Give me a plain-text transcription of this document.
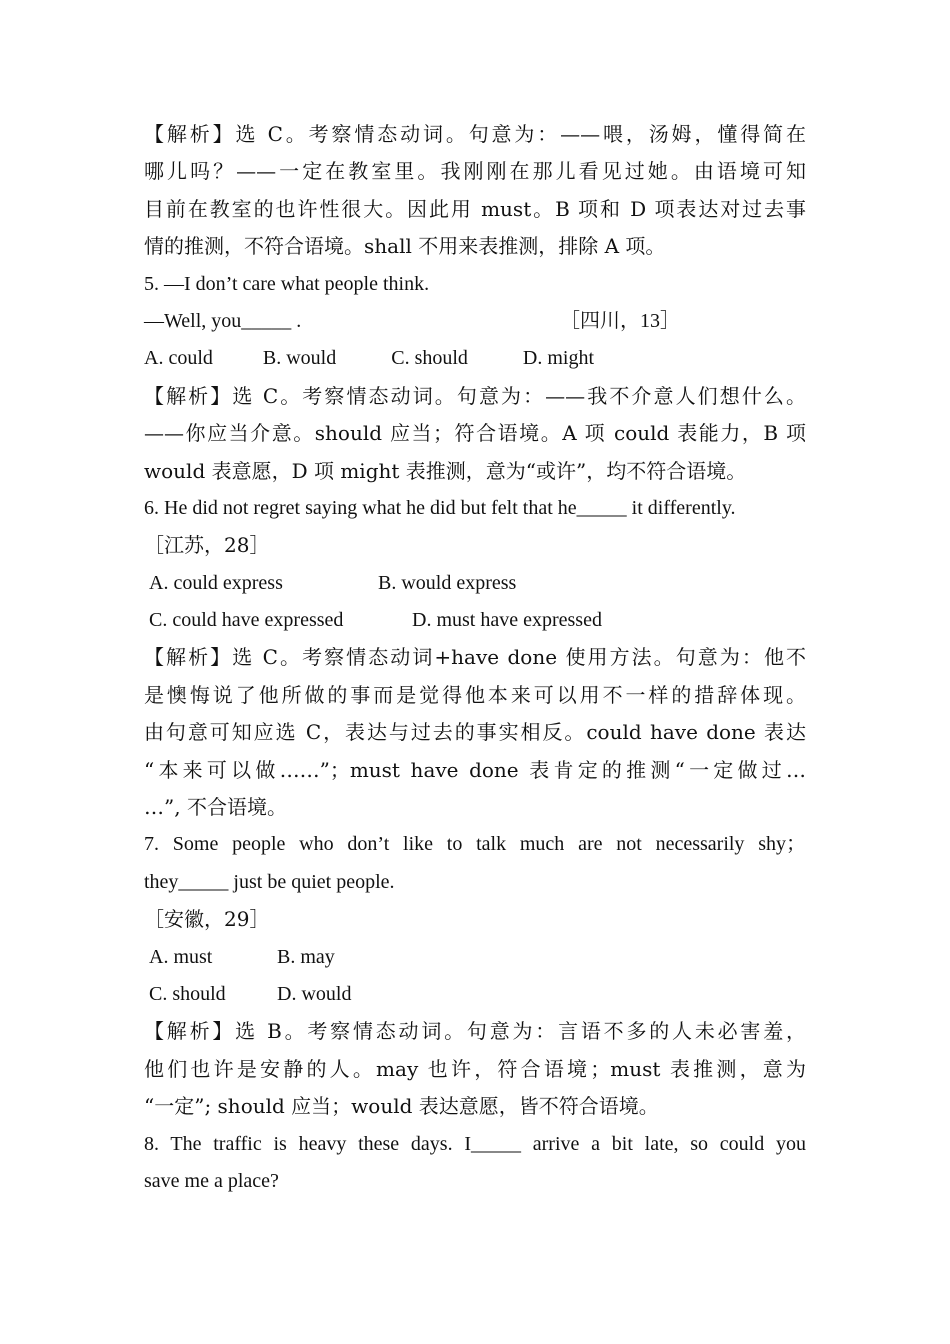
【解析】选 C。考察情态动词。句意为：——喂，汤姆，懂得简在
哪儿吗？——一定在教室里。我刚刚在那儿看见过她。由语境可知
目前在教室的也许性很大。因此用 must。B 项和 D 项表达对过去事
情的推测，不符合语境。shall 不用来表推测，排除 A 项。
5. —I don’t care what people think.
—Well, you_____ .	［四川，13］
A. could	B. would	C. should	D. might
【解析】选 C。考察情态动词。句意为：——我不介意人们想什么。
——你应当介意。should 应当；符合语境。A 项 could 表能力，B 项
would 表意愿，D 项 might 表推测，意为“或许”，均不符合语境。
6. He did not regret saying what he did but felt that he_____ it differently.
［江苏，28］
A. could express	B. would express
C. could have expressed	D. must have expressed
【解析】选 C。考察情态动词+have done 使用方法。句意为：他不
是懊悔说了他所做的事而是觉得他本来可以用不一样的措辞体现。
由句意可知应选 C，表达与过去的事实相反。could have done 表达
“本来可以做……”；must have done 表肯定的推测“一定做过…
…”, 不合语境。
7. Some people who don’t like to talk much are not necessarily shy；
they_____ just be quiet people.
［安徽，29］
A. must	B. may
C. should	D. would
【解析】选 B。考察情态动词。句意为：言语不多的人未必害羞，
他们也许是安静的人。may 也许，符合语境；must 表推测，意为
“一定”; should 应当；would 表达意愿，皆不符合语境。
8. The traffic is heavy these days. I_____ arrive a bit late, so could you
save me a place?
